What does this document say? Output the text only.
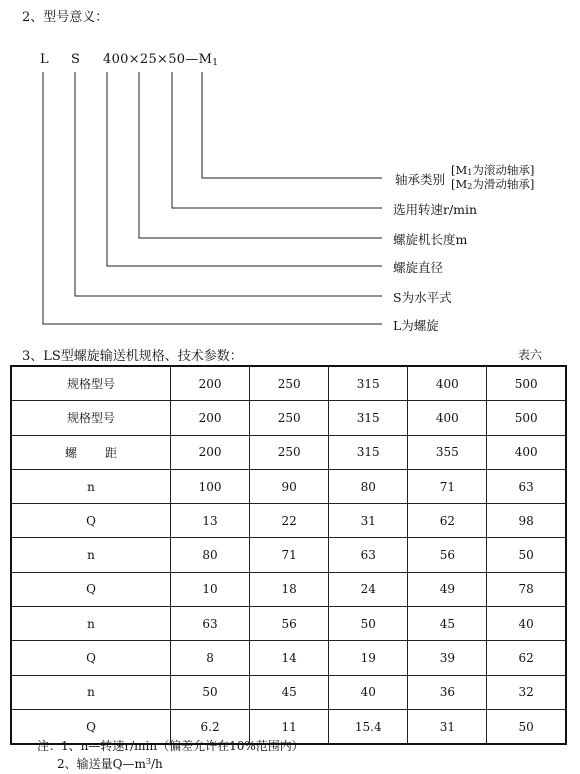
2、型号意义：
L S $400\times 25\times 50—M_1$
轴承类别
[$M_1$为滚动轴承]
[$M_2$为滑动轴承]
选用转速r/min
螺旋机长度m
螺旋直径
S为水平式
L为螺旋
3、LS型螺旋输送机规格、技术参数：	表六
规格型号	200	250	315	400	500
规格型号	200	250	315	400	500
螺距	200	250	315	355	400
n	100	90	80	71	63
Q	13	22	31	62	98
n	80	71	63	56	50
Q	10	18	24	49	78
n	63	56	50	45	40
Q	8	14	19	39	62
n	50	45	40	36	32
Q	6.2	11	15.4	31	50
注：1、n—转速r/min（偏差允许在10%范围内）
2、输送量$Q—m^3/h$
